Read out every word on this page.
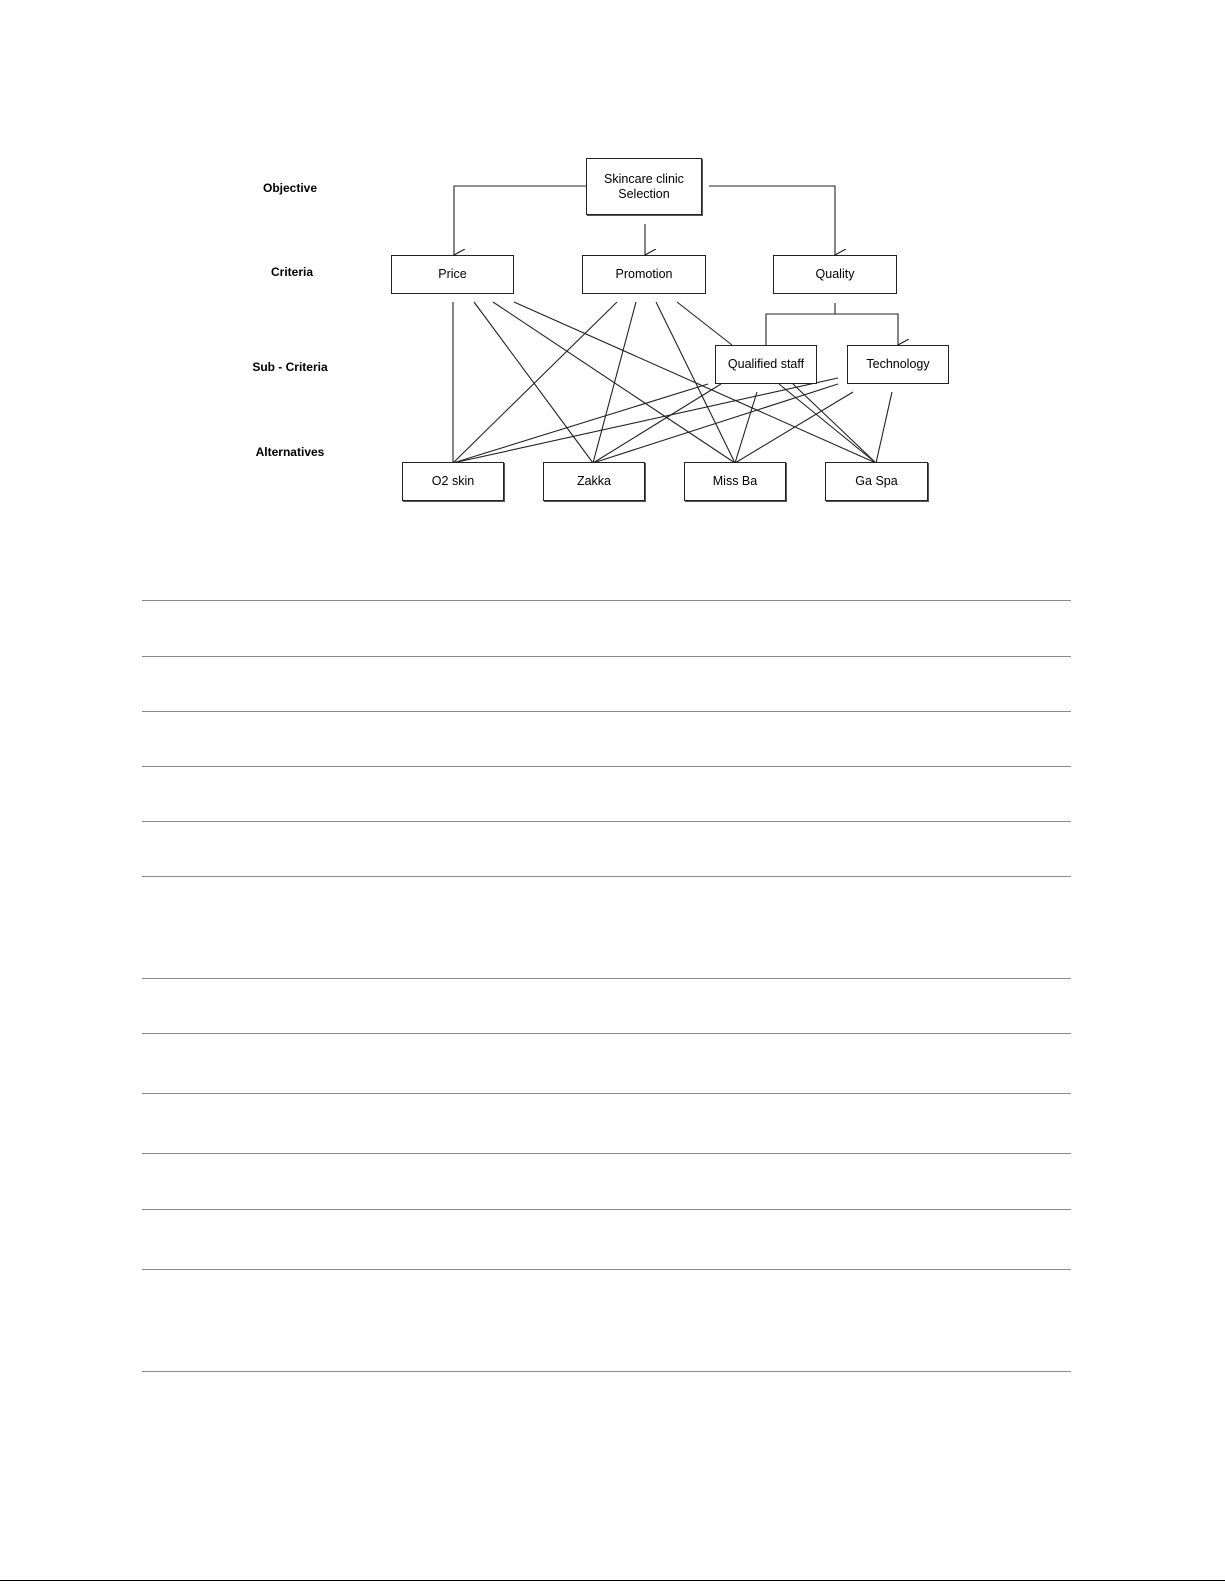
Objective
Criteria
Sub - Criteria
Alternatives
Skincare clinic
Selection
Price	Promotion	Quality
Qualified staff	Technology
O2 skin	Zakka	Miss Ba	Ga Spa
